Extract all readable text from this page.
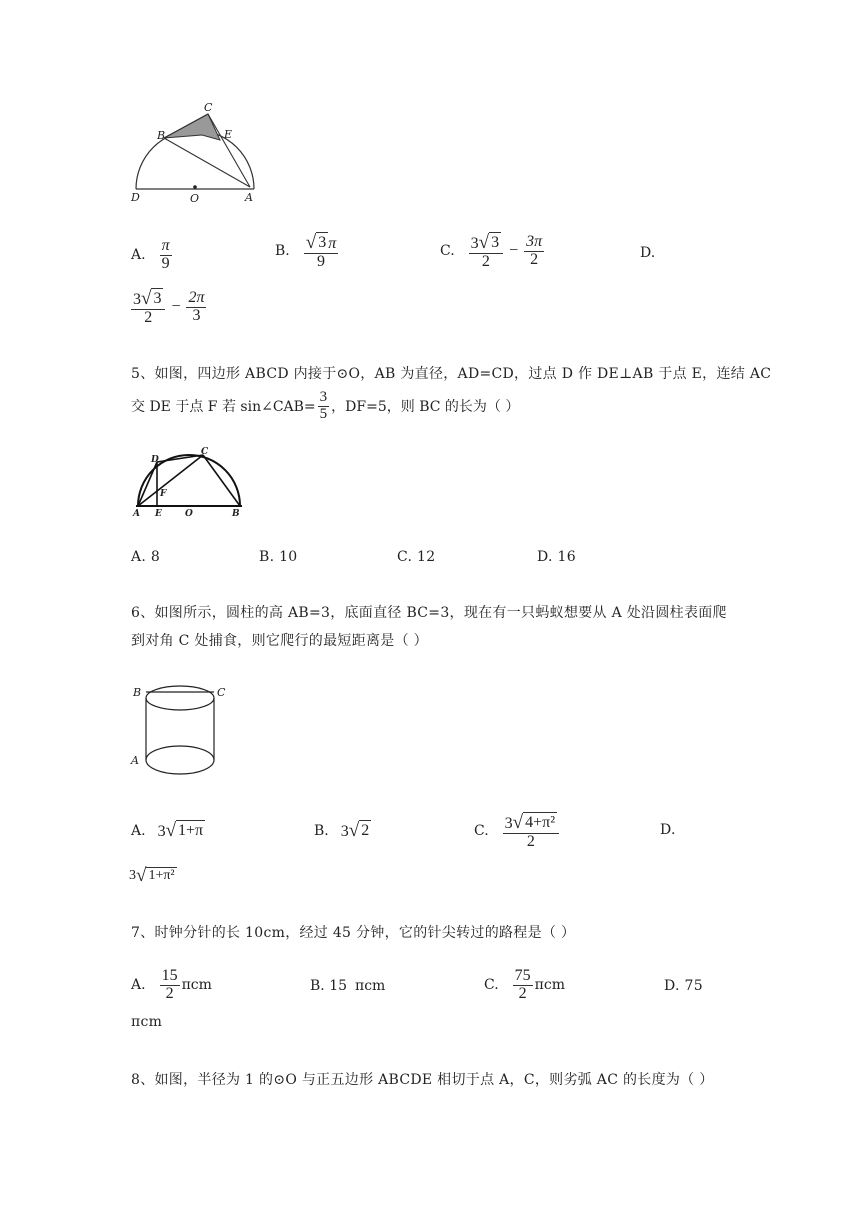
C
B	E
D	O	A
A. $\frac{\pi}{9}$	B. $\frac{√ 3 \pi}{9}$	C. $\frac{3 √ 3}{2} - \frac{3\pi}{2}$	D.
$\frac{3 √ 3}{2} - \frac{2\pi}{3}$
5、如图，四边形 ABCD 内接于⊙O，AB 为直径，AD=CD，过点 D 作 DE⊥AB 于点 E，连结 AC
交 DE 于点 F 若 sin∠CAB= $\frac{3}{5}$ ，DF=5，则 BC 的长为（ ）
D
C
F
A E	O	B
A. 8	B. 10	C. 12	D. 16
6、如图所示，圆柱的高 AB=3，底面直径 BC=3，现在有一只蚂蚁想要从 A 处沿圆柱表面爬
到对角 C 处捕食，则它爬行的最短距离是（ ）
B	C
A
A. 3 √ 1+π	B. 3 √ 2	C. $\frac{\text{3 √ 4+π²}}{2}$	D.
3 √ 1+π²
7、时钟分针的长 10cm，经过 45 分钟，它的针尖转过的路程是（ ）
A. $\frac{15}{2}$ πcm	B. 15 πcm	C. $\frac{75}{2}$ πcm	D. 75
πcm
8、如图，半径为 1 的⊙O 与正五边形 ABCDE 相切于点 A，C，则劣弧 AC 的长度为（ ）
